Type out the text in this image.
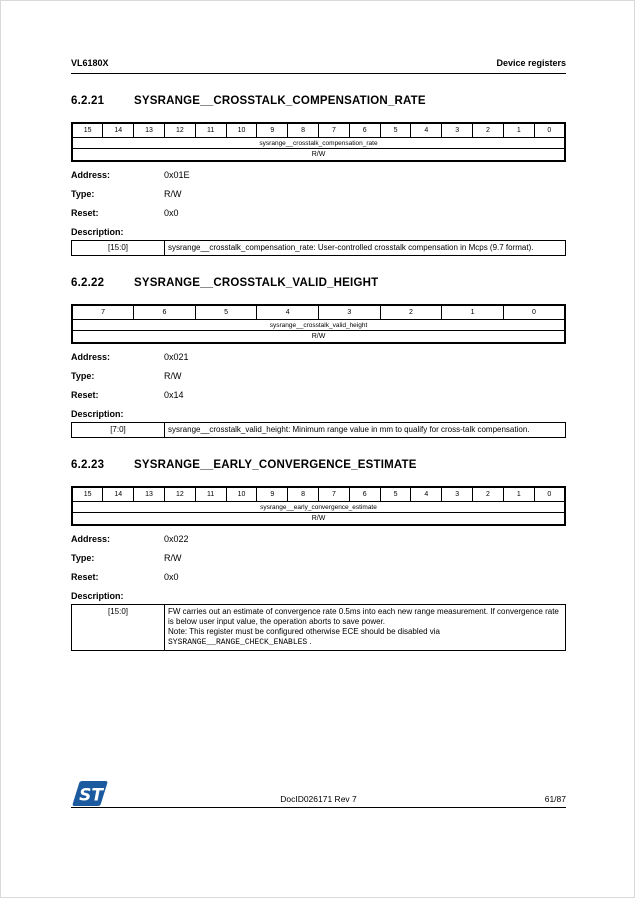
VL6180X	Device registers
6.2.21	SYSRANGE__CROSSTALK_COMPENSATION_RATE
15	14	13	12	11	10	9	8	7	6	5	4	3	2	1	0
sysrange__crosstalk_compensation_rate
R/W
Address:	0x01E
Type:	R/W
Reset:	0x0
Description:
[15:0]	sysrange__crosstalk_compensation_rate: User-controlled crosstalk compensation in Mcps (9.7 format).
6.2.22	SYSRANGE__CROSSTALK_VALID_HEIGHT
7	6	5	4	3	2	1	0
sysrange__crosstalk_valid_height
R/W
Address:	0x021
Type:	R/W
Reset:	0x14
Description:
[7:0]	sysrange__crosstalk_valid_height: Minimum range value in mm to qualify for cross-talk compensation.
6.2.23	SYSRANGE__EARLY_CONVERGENCE_ESTIMATE
15	14	13	12	11	10	9	8	7	6	5	4	3	2	1	0
sysrange__early_convergence_estimate
R/W
Address:	0x022
Type:	R/W
Reset:	0x0
Description:
[15:0]	FW carries out an estimate of convergence rate 0.5ms into each new range measurement. If convergence rate is below user input value, the operation aborts to save power.
Note: This register must be configured otherwise ECE should be disabled via
SYSRANGE__RANGE_CHECK_ENABLES .
ST	DocID026171 Rev 7	61/87
